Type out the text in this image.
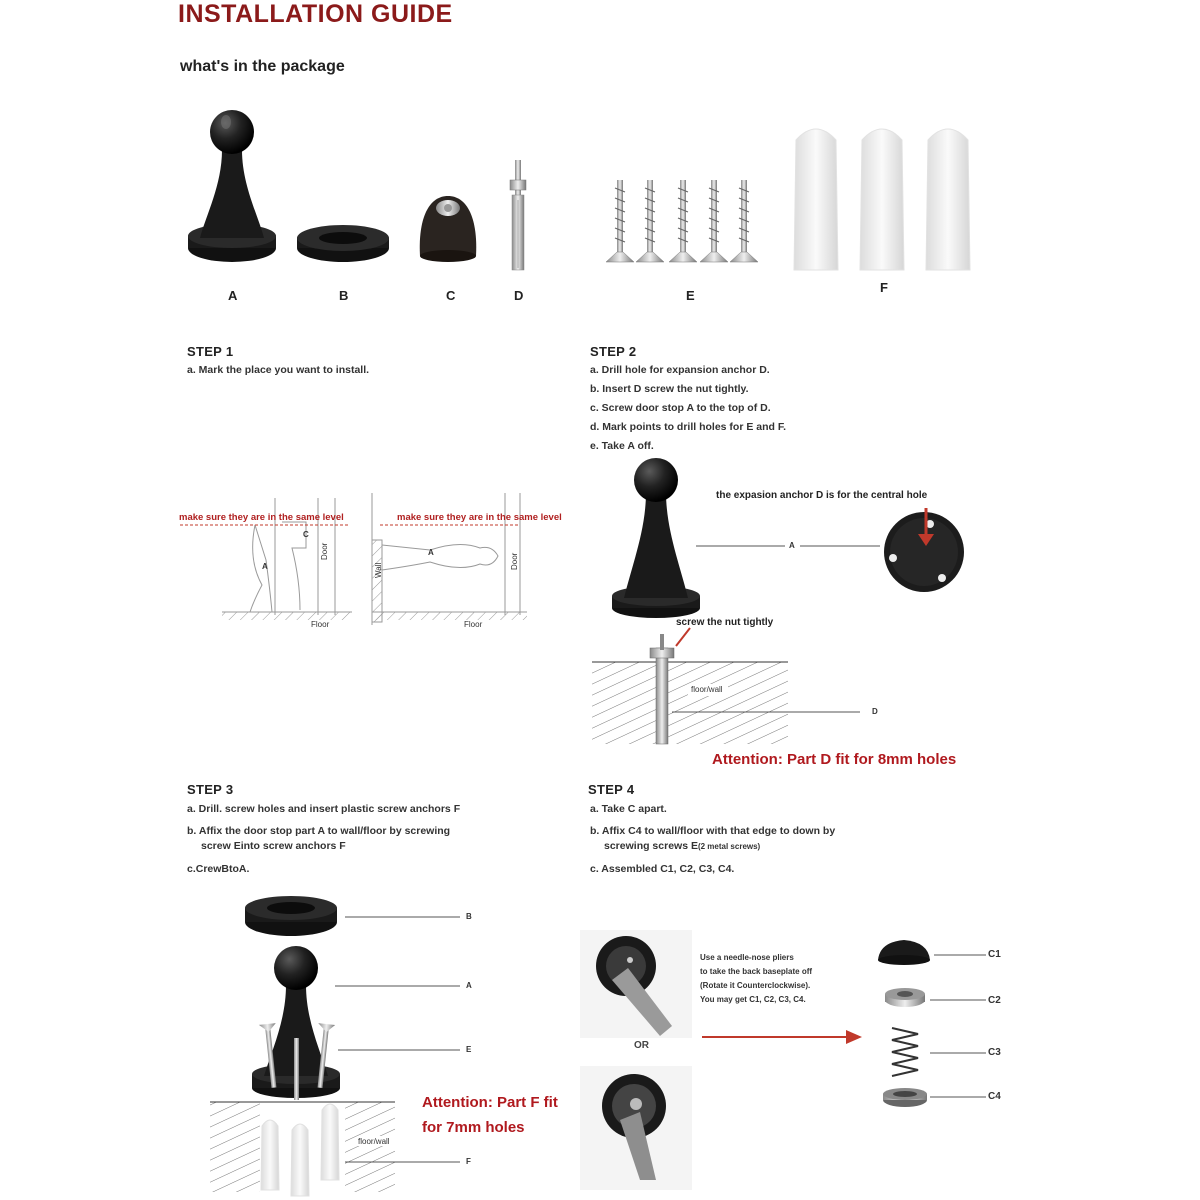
INSTALLATION GUIDE
what's in the package
A	B	C	D	E
F
STEP 1
a. Mark the place you want to install.
make sure they are in the same level	make sure they are in the same level
C
A
Door
Floor
Wall
A
Door
Floor
STEP 2
a. Drill hole for expansion anchor D.
b. Insert D screw the nut tightly.
c. Screw door stop A to the top of D.
d. Mark points to drill holes for E and F.
e. Take A off.
the expasion anchor D is for the central hole
A
screw the nut tightly
floor/wall
D
Attention: Part D fit for 8mm holes
STEP 3
a. Drill. screw holes and insert plastic screw anchors F
b. Affix the door stop part A to wall/floor by screwing
screw Einto screw anchors F
c.CrewBtoA.
B
A
E
floor/wall
F
Attention: Part F fit
for 7mm holes
STEP 4
a. Take C apart.
b. Affix C4 to wall/floor with that edge to down by
screwing screws E(2 metal screws)
c. Assembled C1, C2, C3, C4.
OR
Use a needle-nose pliers
to take the back baseplate off
(Rotate it Counterclockwise).
You may get C1, C2, C3, C4.
C1
C2
C3
C4
